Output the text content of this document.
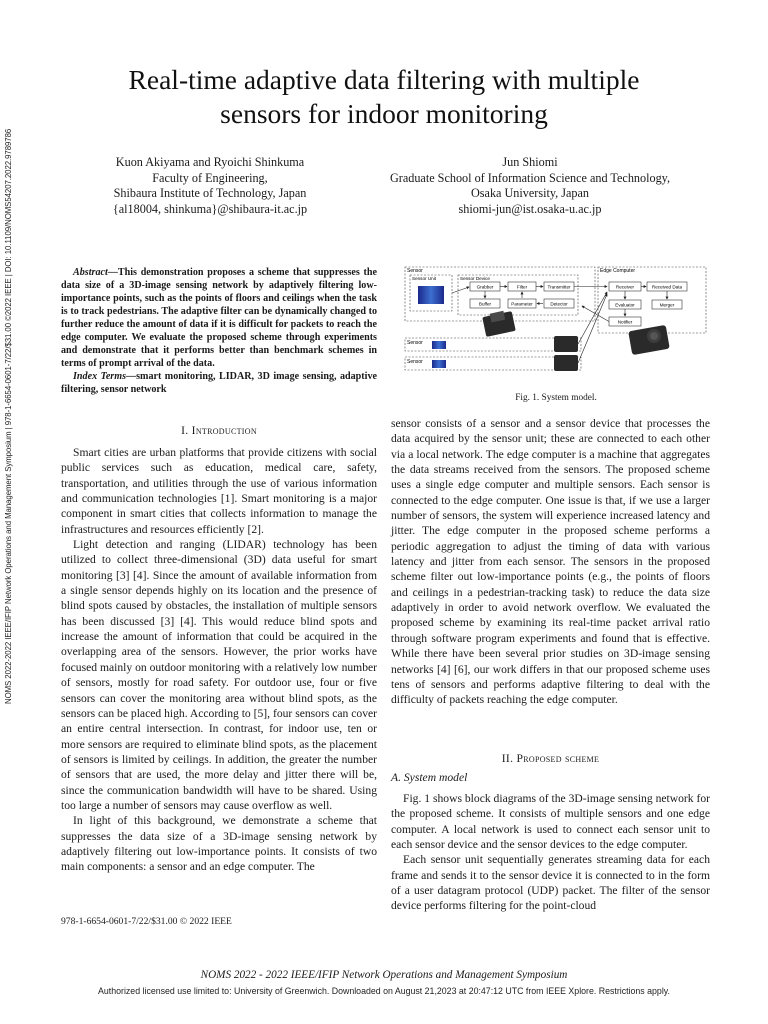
Real-time adaptive data filtering with multiple
sensors for indoor monitoring
Kuon Akiyama and Ryoichi Shinkuma
Faculty of Engineering,
Shibaura Institute of Technology, Japan
{al18004, shinkuma}@shibaura-it.ac.jp
Jun Shiomi
Graduate School of Information Science and Technology,
Osaka University, Japan
shiomi-jun@ist.osaka-u.ac.jp
NOMS 2022-2022 IEEE/IFIP Network Operations and Management Symposium | 978-1-6654-0601-7/22/$31.00 ©2022 IEEE | DOI: 10.1109/NOMS54207.2022.9789786	Abstract—This demonstration proposes a scheme that suppresses the data size of a 3D-image sensing network by adaptively filtering low-importance points, such as the points of floors and ceilings when the task is to track pedestrians. The adaptive filter can be dynamically changed to further reduce the amount of data if it is difficult for packets to reach the edge computer. We evaluate the proposed scheme through experiments and demonstrate that it performs better than benchmark schemes in terms of prompt arrival of the data.

Index Terms—smart monitoring, LIDAR, 3D image sensing, adaptive filtering, sensor network

I. Introduction

Smart cities are urban platforms that provide citizens with social public services such as education, medical care, safety, transportation, and utilities through the use of various information and communication technologies [1]. Smart monitoring is a major component in smart cities that collects information to manage the infrastructures and resources efficiently [2].

Light detection and ranging (LIDAR) technology has been utilized to collect three-dimensional (3D) data useful for smart monitoring [3] [4]. Since the amount of available information from a single sensor depends highly on its location and the presence of blind spots caused by obstacles, the installation of multiple sensors has been discussed [3] [4]. This would reduce blind spots and increase the amount of information that could be acquired in the overlapping area of the sensors. However, the prior works have focused mainly on outdoor monitoring with a relatively low number of sensors, mostly for road safety. For outdoor use, four or five sensors can cover the monitoring area without blind spots, as the sensors can be placed high. According to [5], four sensors can cover an entire central intersection. In contrast, for indoor use, ten or more sensors are required to eliminate blind spots, as the placement of sensors is limited by ceilings. In addition, the greater the number of sensors that are used, the more delay and jitter there will be, since the communication bandwidth will have to be shared. Using too large a number of sensors may cause overflow as well.

In light of this background, we demonstrate a scheme that suppresses the data size of a 3D-image sensing network by adaptively filtering out low-importance points. It consists of two main components: a sensor and an edge computer. The

978-1-6654-0601-7/22/$31.00 © 2022 IEEE
Sensor
Sensor Unit	Sensor Device
Grabber	Filter	Transmitter
Buffer	Parameter	Detector
Sensor
Sensor
Edge Computer
Receiver	Received Data
Evaluator	Merger
Notifier
Fig. 1. System model.

sensor consists of a sensor and a sensor device that processes the data acquired by the sensor unit; these are connected to each other via a local network. The edge computer is a machine that aggregates the data streams received from the sensors. The proposed scheme uses a single edge computer and multiple sensors. Each sensor is connected to the edge computer. One issue is that, if we use a larger number of sensors, the system will experience increased latency and jitter. The edge computer in the proposed scheme performs a periodic aggregation to adjust the timing of data with various latency and jitter from each sensor. The sensors in the proposed scheme filter out low-importance points (e.g., the points of floors and ceilings in a pedestrian-tracking task) to reduce the data size adaptively in order to avoid network overflow. We evaluated the proposed scheme by examining its real-time packet arrival ratio through software program experiments and found that is effective. While there have been several prior studies on 3D-image sensing networks [4] [6], our work differs in that our proposed scheme uses tens of sensors and performs adaptive filtering to deal with the difficulty of packets reaching the edge computer.

II. Proposed scheme
A. System model

Fig. 1 shows block diagrams of the 3D-image sensing network for the proposed scheme. It consists of multiple sensors and one edge computer. A local network is used to connect each sensor unit to each sensor device and the sensor devices to the edge computer.

Each sensor unit sequentially generates streaming data for each frame and sends it to the sensor device it is connected to in the form of a user datagram protocol (UDP) packet. The filter of the sensor device performs filtering for the point-cloud

NOMS 2022 - 2022 IEEE/IFIP Network Operations and Management Symposium
Authorized licensed use limited to: University of Greenwich. Downloaded on August 21,2023 at 20:47:12 UTC from IEEE Xplore. Restrictions apply.
